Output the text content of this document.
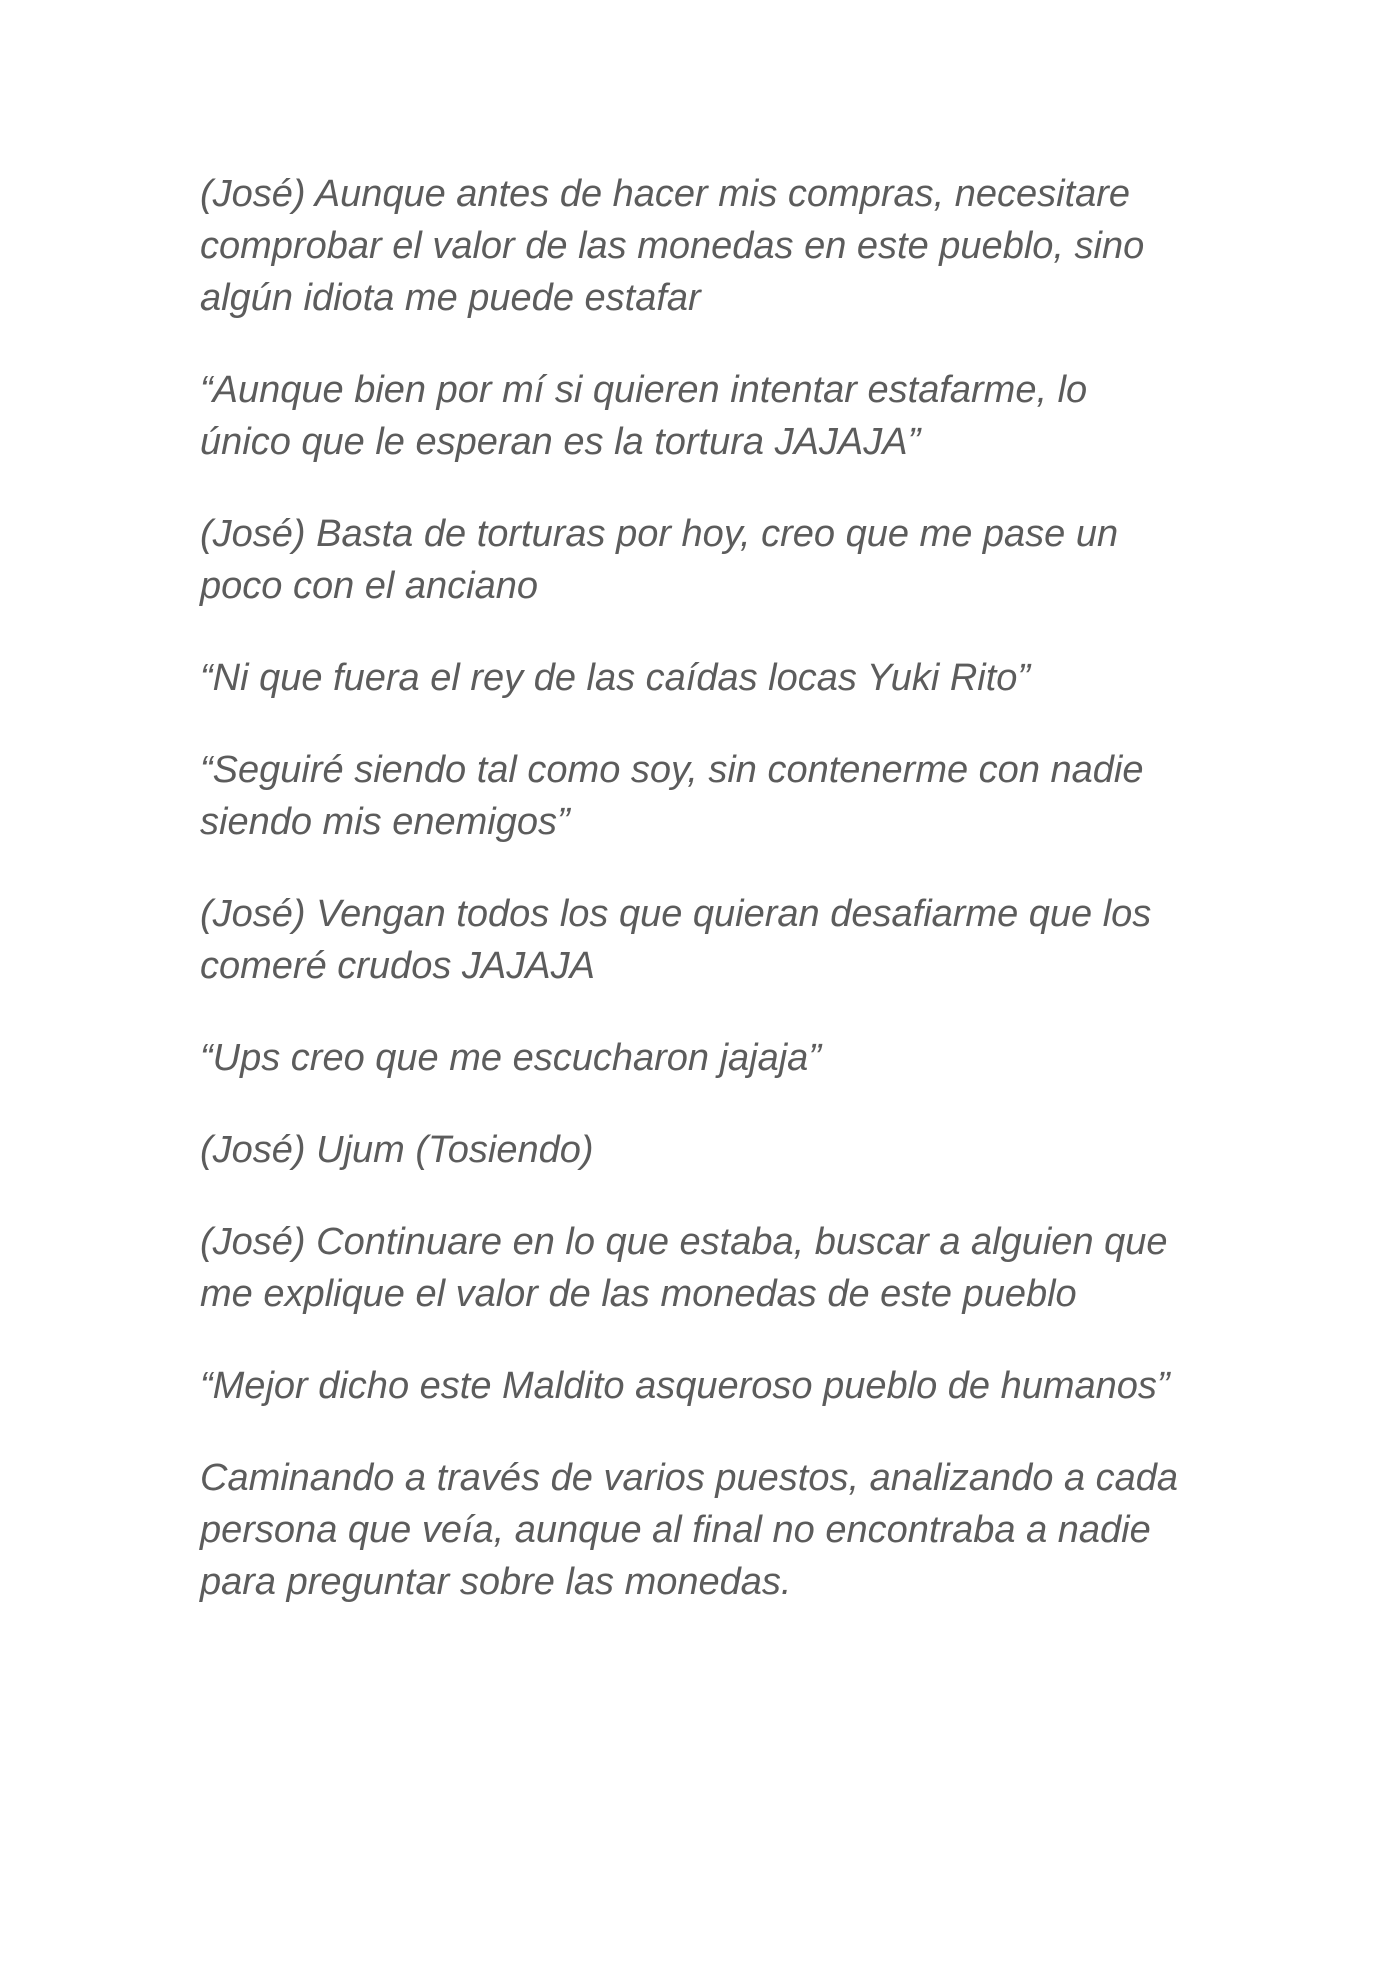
(José) Aunque antes de hacer mis compras, necesitare
comprobar el valor de las monedas en este pueblo, sino
algún idiota me puede estafar

“Aunque bien por mí si quieren intentar estafarme, lo
único que le esperan es la tortura JAJAJA”

(José) Basta de torturas por hoy, creo que me pase un
poco con el anciano

“Ni que fuera el rey de las caídas locas Yuki Rito”

“Seguiré siendo tal como soy, sin contenerme con nadie
siendo mis enemigos”

(José) Vengan todos los que quieran desafiarme que los
comeré crudos JAJAJA

“Ups creo que me escucharon jajaja”

(José) Ujum (Tosiendo)

(José) Continuare en lo que estaba, buscar a alguien que
me explique el valor de las monedas de este pueblo

“Mejor dicho este Maldito asqueroso pueblo de humanos”

Caminando a través de varios puestos, analizando a cada
persona que veía, aunque al final no encontraba a nadie
para preguntar sobre las monedas.
